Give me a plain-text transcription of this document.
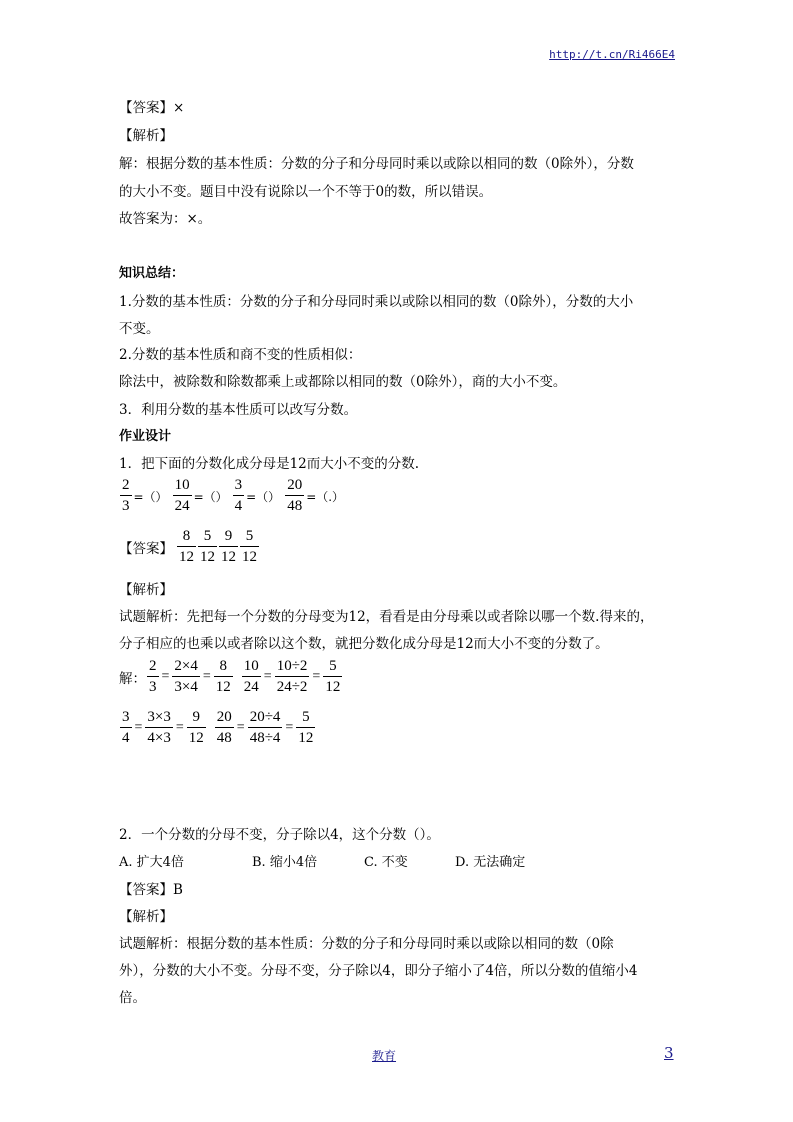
http://t.cn/Ri466E4
【答案】×
【解析】
解：根据分数的基本性质：分数的分子和分母同时乘以或除以相同的数（0除外），分数
的大小不变。题目中没有说除以一个不等于0的数，所以错误。
故答案为：×。
知识总结：
1.分数的基本性质：分数的分子和分母同时乘以或除以相同的数（0除外），分数的大小
不变。
2.分数的基本性质和商不变的性质相似：
除法中，被除数和除数都乘上或都除以相同的数（0除外），商的大小不变。
3．利用分数的基本性质可以改写分数。
作业设计
1．把下面的分数化成分母是12而大小不变的分数.
$\frac{2}{3}$ =（） $\frac{10}{24}$ =（） $\frac{3}{4}$ =（） $\frac{20}{48}$ =（.）
【答案】 $\frac{8}{12} \frac{5}{12} \frac{9}{12} \frac{5}{12}$
【解析】
试题解析：先把每一个分数的分母变为12，看看是由分母乘以或者除以哪一个数.得来的，
分子相应的也乘以或者除以这个数，就把分数化成分母是12而大小不变的分数了。
解： $\frac{2}{3} = \frac{2\times 4}{3\times 4} = \frac{8}{12} \frac{10}{24} = \frac{10\div 2}{24\div 2} = \frac{5}{12}$
$\frac{3}{4} = \frac{3\times 3}{4\times 3} = \frac{9}{12} \frac{20}{48} = \frac{20\div 4}{48\div 4} = \frac{5}{12}$
2．一个分数的分母不变，分子除以4，这个分数（）。
A. 扩大4倍	B. 缩小4倍	C. 不变	D. 无法确定
【答案】B
【解析】
试题解析：根据分数的基本性质：分数的分子和分母同时乘以或除以相同的数（0除
外），分数的大小不变。分母不变，分子除以4，即分子缩小了4倍，所以分数的值缩小4
倍。
教育	3
